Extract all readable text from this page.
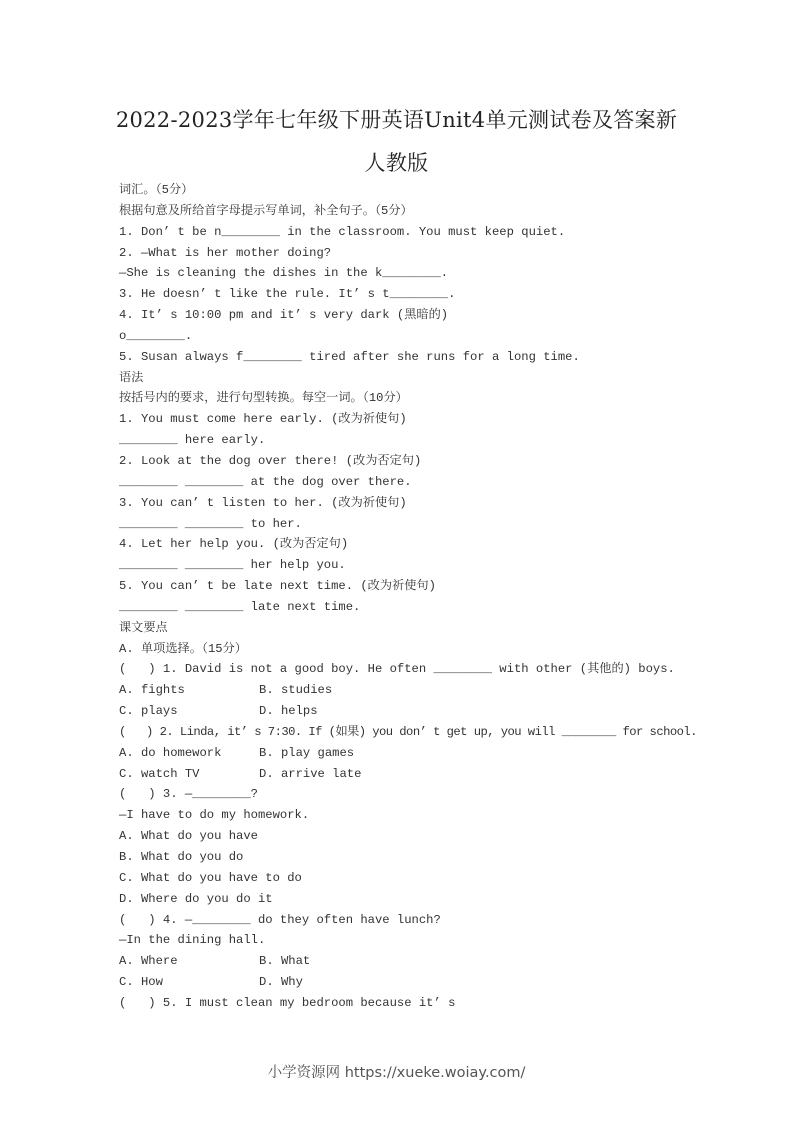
2022-2023学年七年级下册英语Unit4单元测试卷及答案新
人教版
词汇。（5分）
根据句意及所给首字母提示写单词，补全句子。（5分）
1. Don’ t be n________ in the classroom. You must keep quiet.
2. —What is her mother doing?
—She is cleaning the dishes in the k________.
3. He doesn’ t like the rule. It’ s t________.
4. It’ s 10:00 pm and it’ s very dark (黑暗的)
o________.
5. Susan always f________ tired after she runs for a long time.
语法
按括号内的要求，进行句型转换。每空一词。（10分）
1. You must come here early. (改为祈使句)
________ here early.
2. Look at the dog over there! (改为否定句)
________ ________ at the dog over there.
3. You can’ t listen to her. (改为祈使句)
________ ________ to her.
4. Let her help you. (改为否定句)
________ ________ her help you.
5. You can’ t be late next time. (改为祈使句)
________ ________ late next time.
课文要点
A. 单项选择。（15分）
(   ) 1. David is not a good boy. He often ________ with other (其他的) boys.
A. fights	B. studies
C. plays	D. helps
(   ) 2. Linda, it’ s 7:30. If (如果) you don’ t get up, you will ________ for school.
A. do homework	B. play games
C. watch TV	D. arrive late
(   ) 3. —________?
—I have to do my homework.
A. What do you have
B. What do you do
C. What do you have to do
D. Where do you do it
(   ) 4. —________ do they often have lunch?
—In the dining hall.
A. Where	B. What
C. How	D. Why
(   ) 5. I must clean my bedroom because it’ s
小学资源网 https://xueke.woiay.com/
